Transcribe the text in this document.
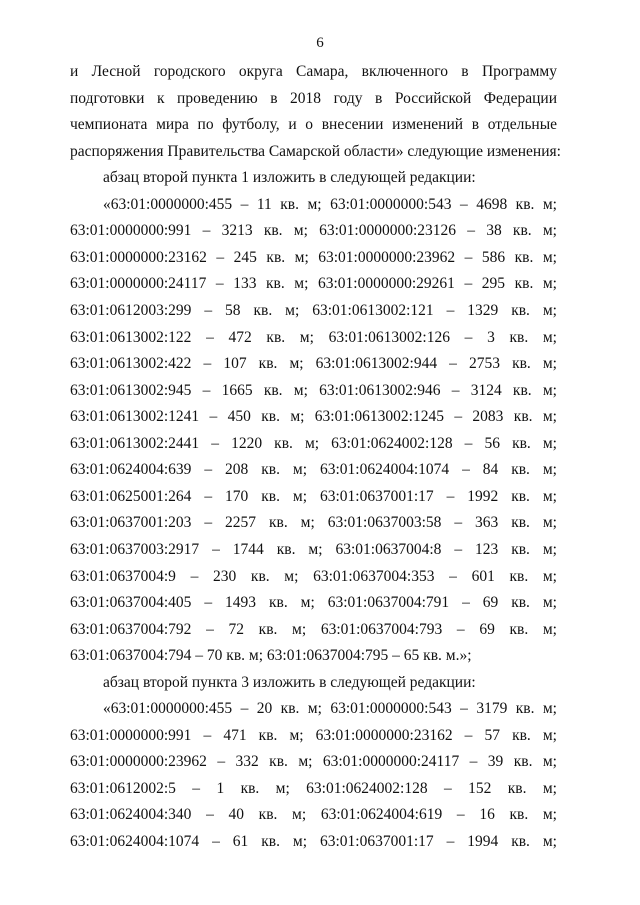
6
и Лесной городского округа Самара, включенного в Программу
подготовки к проведению в 2018 году в Российской Федерации
чемпионата мира по футболу, и о внесении изменений в отдельные
распоряжения Правительства Самарской области» следующие изменения:
абзац второй пункта 1 изложить в следующей редакции:
«63:01:0000000:455 – 11 кв. м; 63:01:0000000:543 – 4698 кв. м;
63:01:0000000:991 – 3213 кв. м; 63:01:0000000:23126 – 38 кв. м;
63:01:0000000:23162 – 245 кв. м; 63:01:0000000:23962 – 586 кв. м;
63:01:0000000:24117 – 133 кв. м; 63:01:0000000:29261 – 295 кв. м;
63:01:0612003:299 – 58 кв. м; 63:01:0613002:121 – 1329 кв. м;
63:01:0613002:122 – 472 кв. м; 63:01:0613002:126 – 3 кв. м;
63:01:0613002:422 – 107 кв. м; 63:01:0613002:944 – 2753 кв. м;
63:01:0613002:945 – 1665 кв. м; 63:01:0613002:946 – 3124 кв. м;
63:01:0613002:1241 – 450 кв. м; 63:01:0613002:1245 – 2083 кв. м;
63:01:0613002:2441 – 1220 кв. м; 63:01:0624002:128 – 56 кв. м;
63:01:0624004:639 – 208 кв. м; 63:01:0624004:1074 – 84 кв. м;
63:01:0625001:264 – 170 кв. м; 63:01:0637001:17 – 1992 кв. м;
63:01:0637001:203 – 2257 кв. м; 63:01:0637003:58 – 363 кв. м;
63:01:0637003:2917 – 1744 кв. м; 63:01:0637004:8 – 123 кв. м;
63:01:0637004:9 – 230 кв. м; 63:01:0637004:353 – 601 кв. м;
63:01:0637004:405 – 1493 кв. м; 63:01:0637004:791 – 69 кв. м;
63:01:0637004:792 – 72 кв. м; 63:01:0637004:793 – 69 кв. м;
63:01:0637004:794 – 70 кв. м; 63:01:0637004:795 – 65 кв. м.»;
абзац второй пункта 3 изложить в следующей редакции:
«63:01:0000000:455 – 20 кв. м; 63:01:0000000:543 – 3179 кв. м;
63:01:0000000:991 – 471 кв. м; 63:01:0000000:23162 – 57 кв. м;
63:01:0000000:23962 – 332 кв. м; 63:01:0000000:24117 – 39 кв. м;
63:01:0612002:5 – 1 кв. м; 63:01:0624002:128 – 152 кв. м;
63:01:0624004:340 – 40 кв. м; 63:01:0624004:619 – 16 кв. м;
63:01:0624004:1074 – 61 кв. м; 63:01:0637001:17 – 1994 кв. м;
